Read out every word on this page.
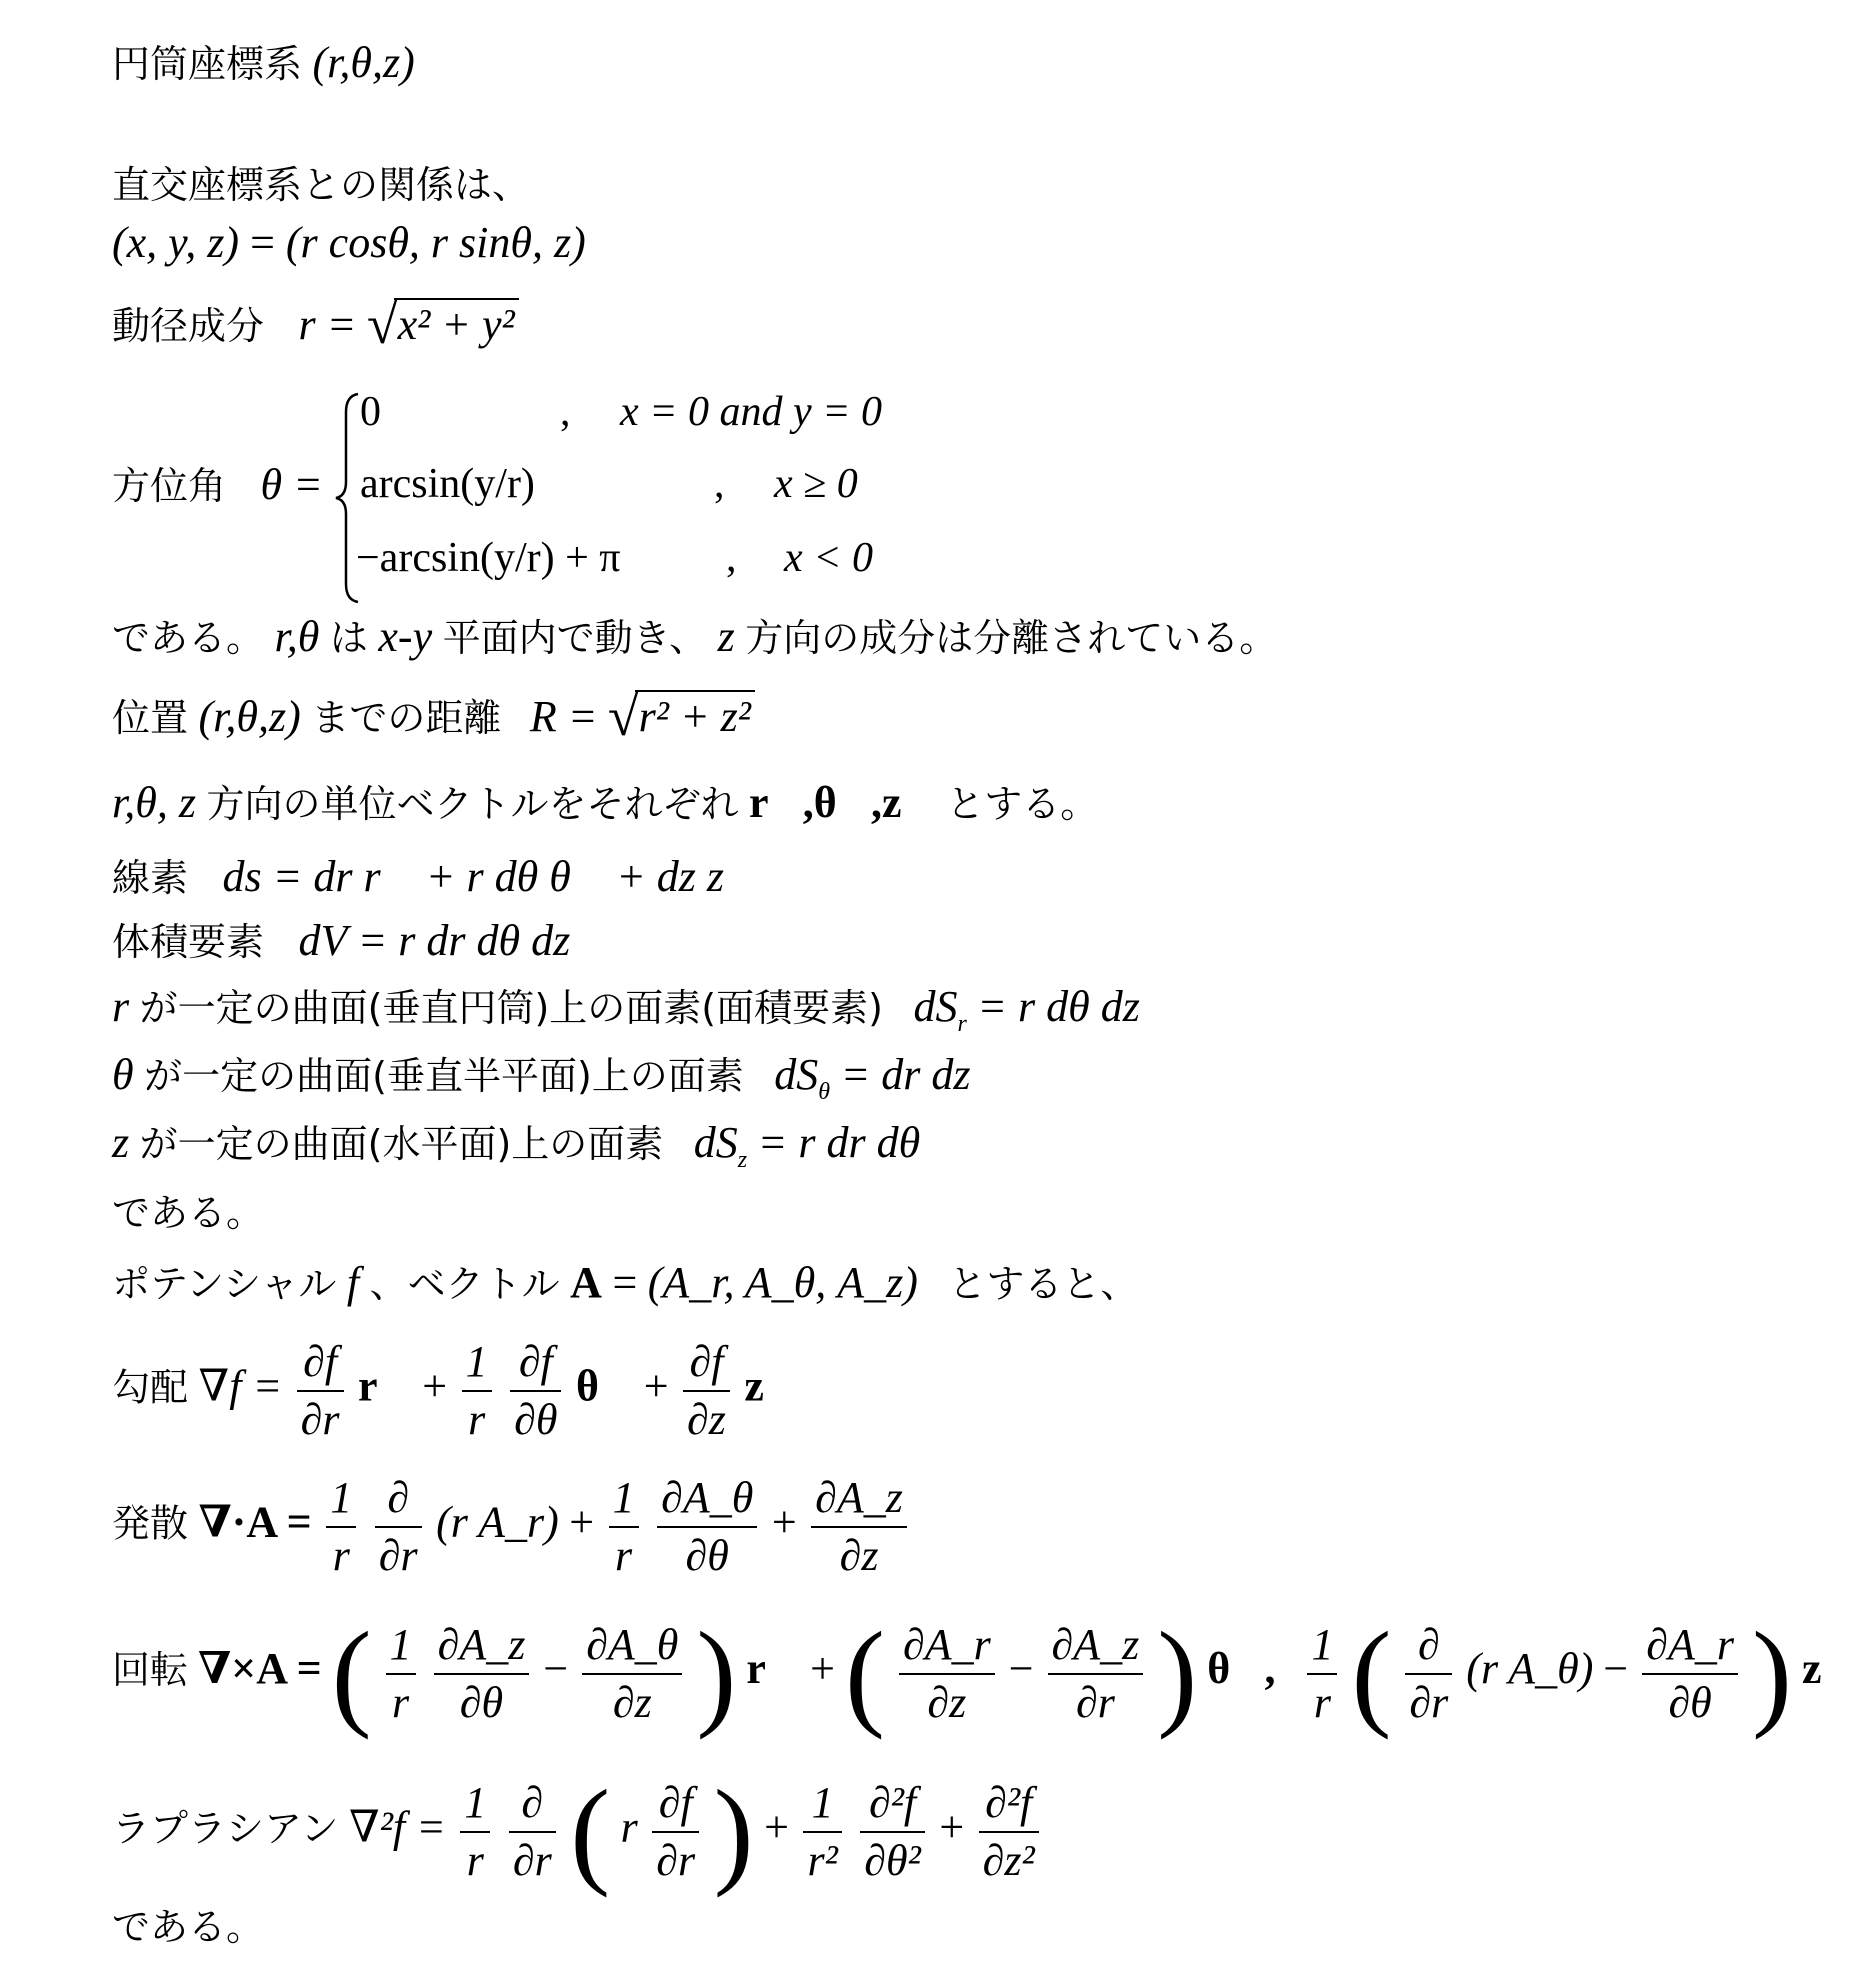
円筒座標系 (r,θ,z)
直交座標系との関係は、
(x, y, z) = (r cosθ, r sinθ, z)
動径成分 r = √x² + y²
方位角 θ =
0	, x = 0 and y = 0
arcsin(y/r)	, x ≥ 0
−arcsin(y/r) + π	, x < 0
である。 r,θ は x-y 平面内で動き、 z 方向の成分は分離されている。
位置 (r,θ,z) までの距離 R = √r² + z²
r,θ, z 方向の単位ベクトルをそれぞれ r⃗,θ⃗,z⃗ とする。
線素 ds = dr r⃗ + r dθ θ⃗ + dz z⃗
体積要素 dV = r dr dθ dz
r が一定の曲面(垂直円筒)上の面素(面積要素) $dS_r = r$ dθ dz
θ が一定の曲面(垂直半平面)上の面素 $dS_\theta$ = dr dz
z が一定の曲面(水平面)上の面素 $dS_z = r$ dr dθ
である。
ポテンシャル f 、ベクトル A = (A_r, A_θ, A_z) とすると、
勾配 $\nabla f = \frac{\partial f}{\partial r}$ r⃗ + $\frac{1}{r}$
$\frac{\partial f}{\partial\theta}$ θ⃗ + $\frac{\partial f}{\partial z}$ z⃗
発散 $\nabla\cdot A = \frac{1}{r}$
$\frac{\partial}{\partial r} (r$ A_r) + $\frac{1}{r}$
$\frac{\partial A\_\theta}{\partial\theta} + \frac{\partial A\_z}{\partial z}$
回転 ∇×A = ( $\frac{1}{r}$
$\frac{\partial A\_z}{\partial\theta} - \frac{\partial A\_\theta}{\partial z}$ ) r⃗ + ( $\frac{\partial A\_r}{\partial z} - \frac{\partial A\_z}{\partial r}$ ) θ⃗, $\frac{1}{r}$ ( $\frac{\partial}{\partial r} (r$ A_θ) − $\frac{\partial A\_r}{\partial\theta}$ ) z⃗
ラプラシアン $\nabla^2f = \frac{1}{r}$
$\frac{\partial}{\partial r}$ ( r $\frac{\partial f}{\partial r}$ ) + $\frac{1}{\text{r²}}$
$\frac{\text{∂²f}}{\text{∂θ²}} + \frac{\text{∂²f}}{\text{∂z²}}$
である。
